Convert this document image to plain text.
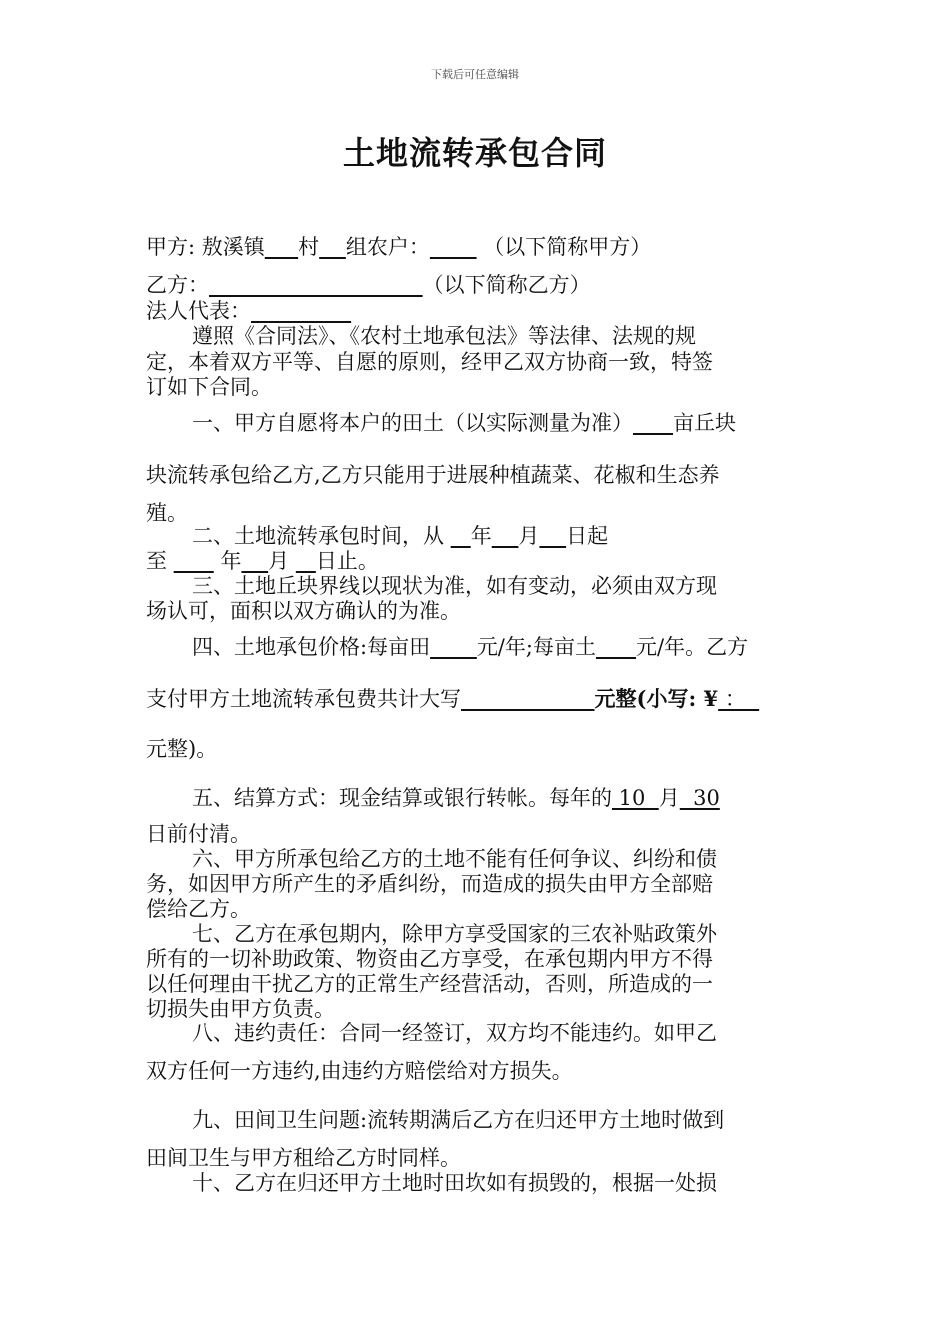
下载后可任意编辑
土地流转承包合同
甲方: 敖溪镇 村 组农户：	（以下简称甲方）
乙方：	（以下简称乙方）
法人代表：
遵照《合同法》、《农村土地承包法》等法律、法规的规
定，本着双方平等、自愿的原则，经甲乙双方协商一致，特签
订如下合同。
一、甲方自愿将本户的田土（以实际测量为准） 亩丘块
块流转承包给乙方,乙方只能用于进展种植蔬菜、花椒和生态养
殖。
二、土地流转承包时间，从 年 月 日起
至	年 月 日止。
三、土地丘块界线以现状为准，如有变动，必须由双方现
场认可，面积以双方确认的为准。
四、土地承包价格:每亩田 元/年;每亩土 元/年。乙方
支付甲方土地流转承包费共计大写	元整(小写: ¥ ：
元整)。
五、结算方式：现金结算或银行转帐。每年的 10  月  30
日前付清。
六、甲方所承包给乙方的土地不能有任何争议、纠纷和债
务，如因甲方所产生的矛盾纠纷，而造成的损失由甲方全部赔
偿给乙方。
七、乙方在承包期内，除甲方享受国家的三农补贴政策外
所有的一切补助政策、物资由乙方享受，在承包期内甲方不得
以任何理由干扰乙方的正常生产经营活动，否则，所造成的一
切损失由甲方负责。
八、违约责任：合同一经签订，双方均不能违约。如甲乙
双方任何一方违约,由违约方赔偿给对方损失。
九、田间卫生问题:流转期满后乙方在归还甲方土地时做到
田间卫生与甲方租给乙方时同样。
十、乙方在归还甲方土地时田坎如有损毁的，根据一处损
